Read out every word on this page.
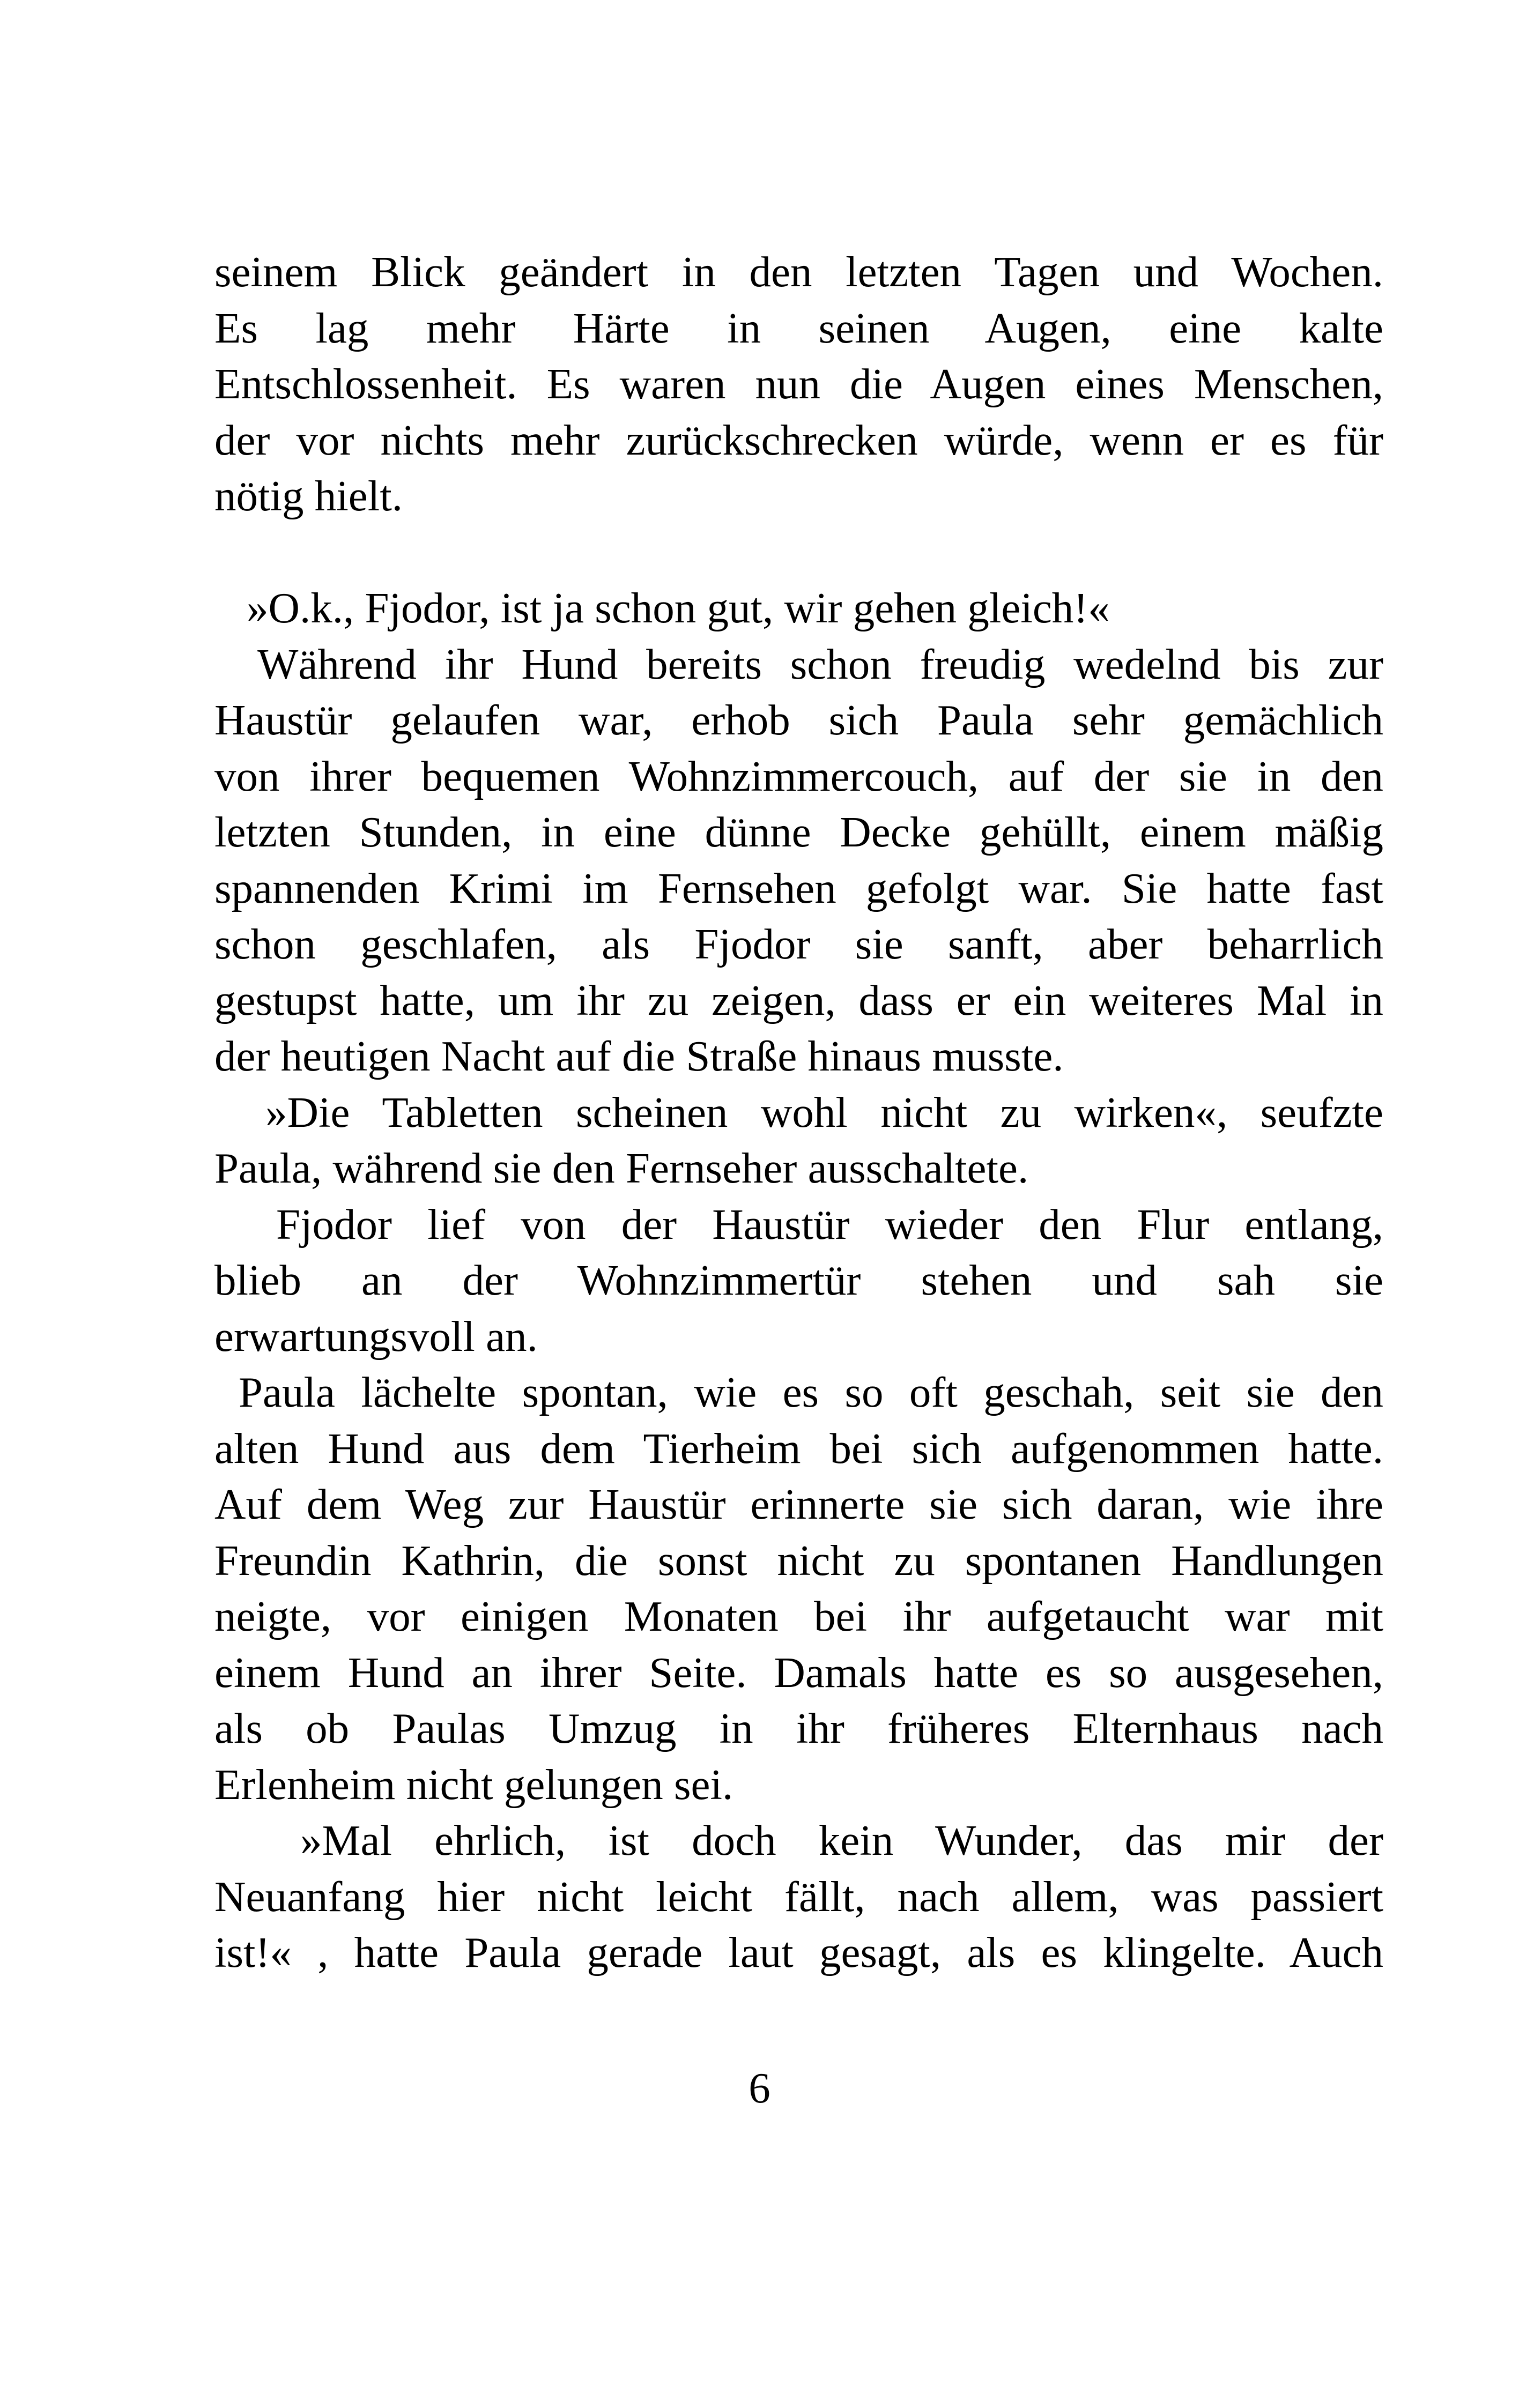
seinem Blick geändert in den letzten Tagen und Wochen.
Es lag mehr Härte in seinen Augen, eine kalte
Entschlossenheit. Es waren nun die Augen eines Menschen,
der vor nichts mehr zurückschrecken würde, wenn er es für
nötig hielt.
»O.k., Fjodor, ist ja schon gut, wir gehen gleich!«
Während ihr Hund bereits schon freudig wedelnd bis zur
Haustür gelaufen war, erhob sich Paula sehr gemächlich
von ihrer bequemen Wohnzimmercouch, auf der sie in den
letzten Stunden, in eine dünne Decke gehüllt, einem mäßig
spannenden Krimi im Fernsehen gefolgt war. Sie hatte fast
schon geschlafen, als Fjodor sie sanft, aber beharrlich
gestupst hatte, um ihr zu zeigen, dass er ein weiteres Mal in
der heutigen Nacht auf die Straße hinaus musste.
»Die Tabletten scheinen wohl nicht zu wirken«, seufzte
Paula, während sie den Fernseher ausschaltete.
Fjodor lief von der Haustür wieder den Flur entlang,
blieb an der Wohnzimmertür stehen und sah sie
erwartungsvoll an.
Paula lächelte spontan, wie es so oft geschah, seit sie den
alten Hund aus dem Tierheim bei sich aufgenommen hatte.
Auf dem Weg zur Haustür erinnerte sie sich daran, wie ihre
Freundin Kathrin, die sonst nicht zu spontanen Handlungen
neigte, vor einigen Monaten bei ihr aufgetaucht war mit
einem Hund an ihrer Seite. Damals hatte es so ausgesehen,
als ob Paulas Umzug in ihr früheres Elternhaus nach
Erlenheim nicht gelungen sei.
»Mal ehrlich, ist doch kein Wunder, das mir der
Neuanfang hier nicht leicht fällt, nach allem, was passiert
ist!« , hatte Paula gerade laut gesagt, als es klingelte. Auch
6
